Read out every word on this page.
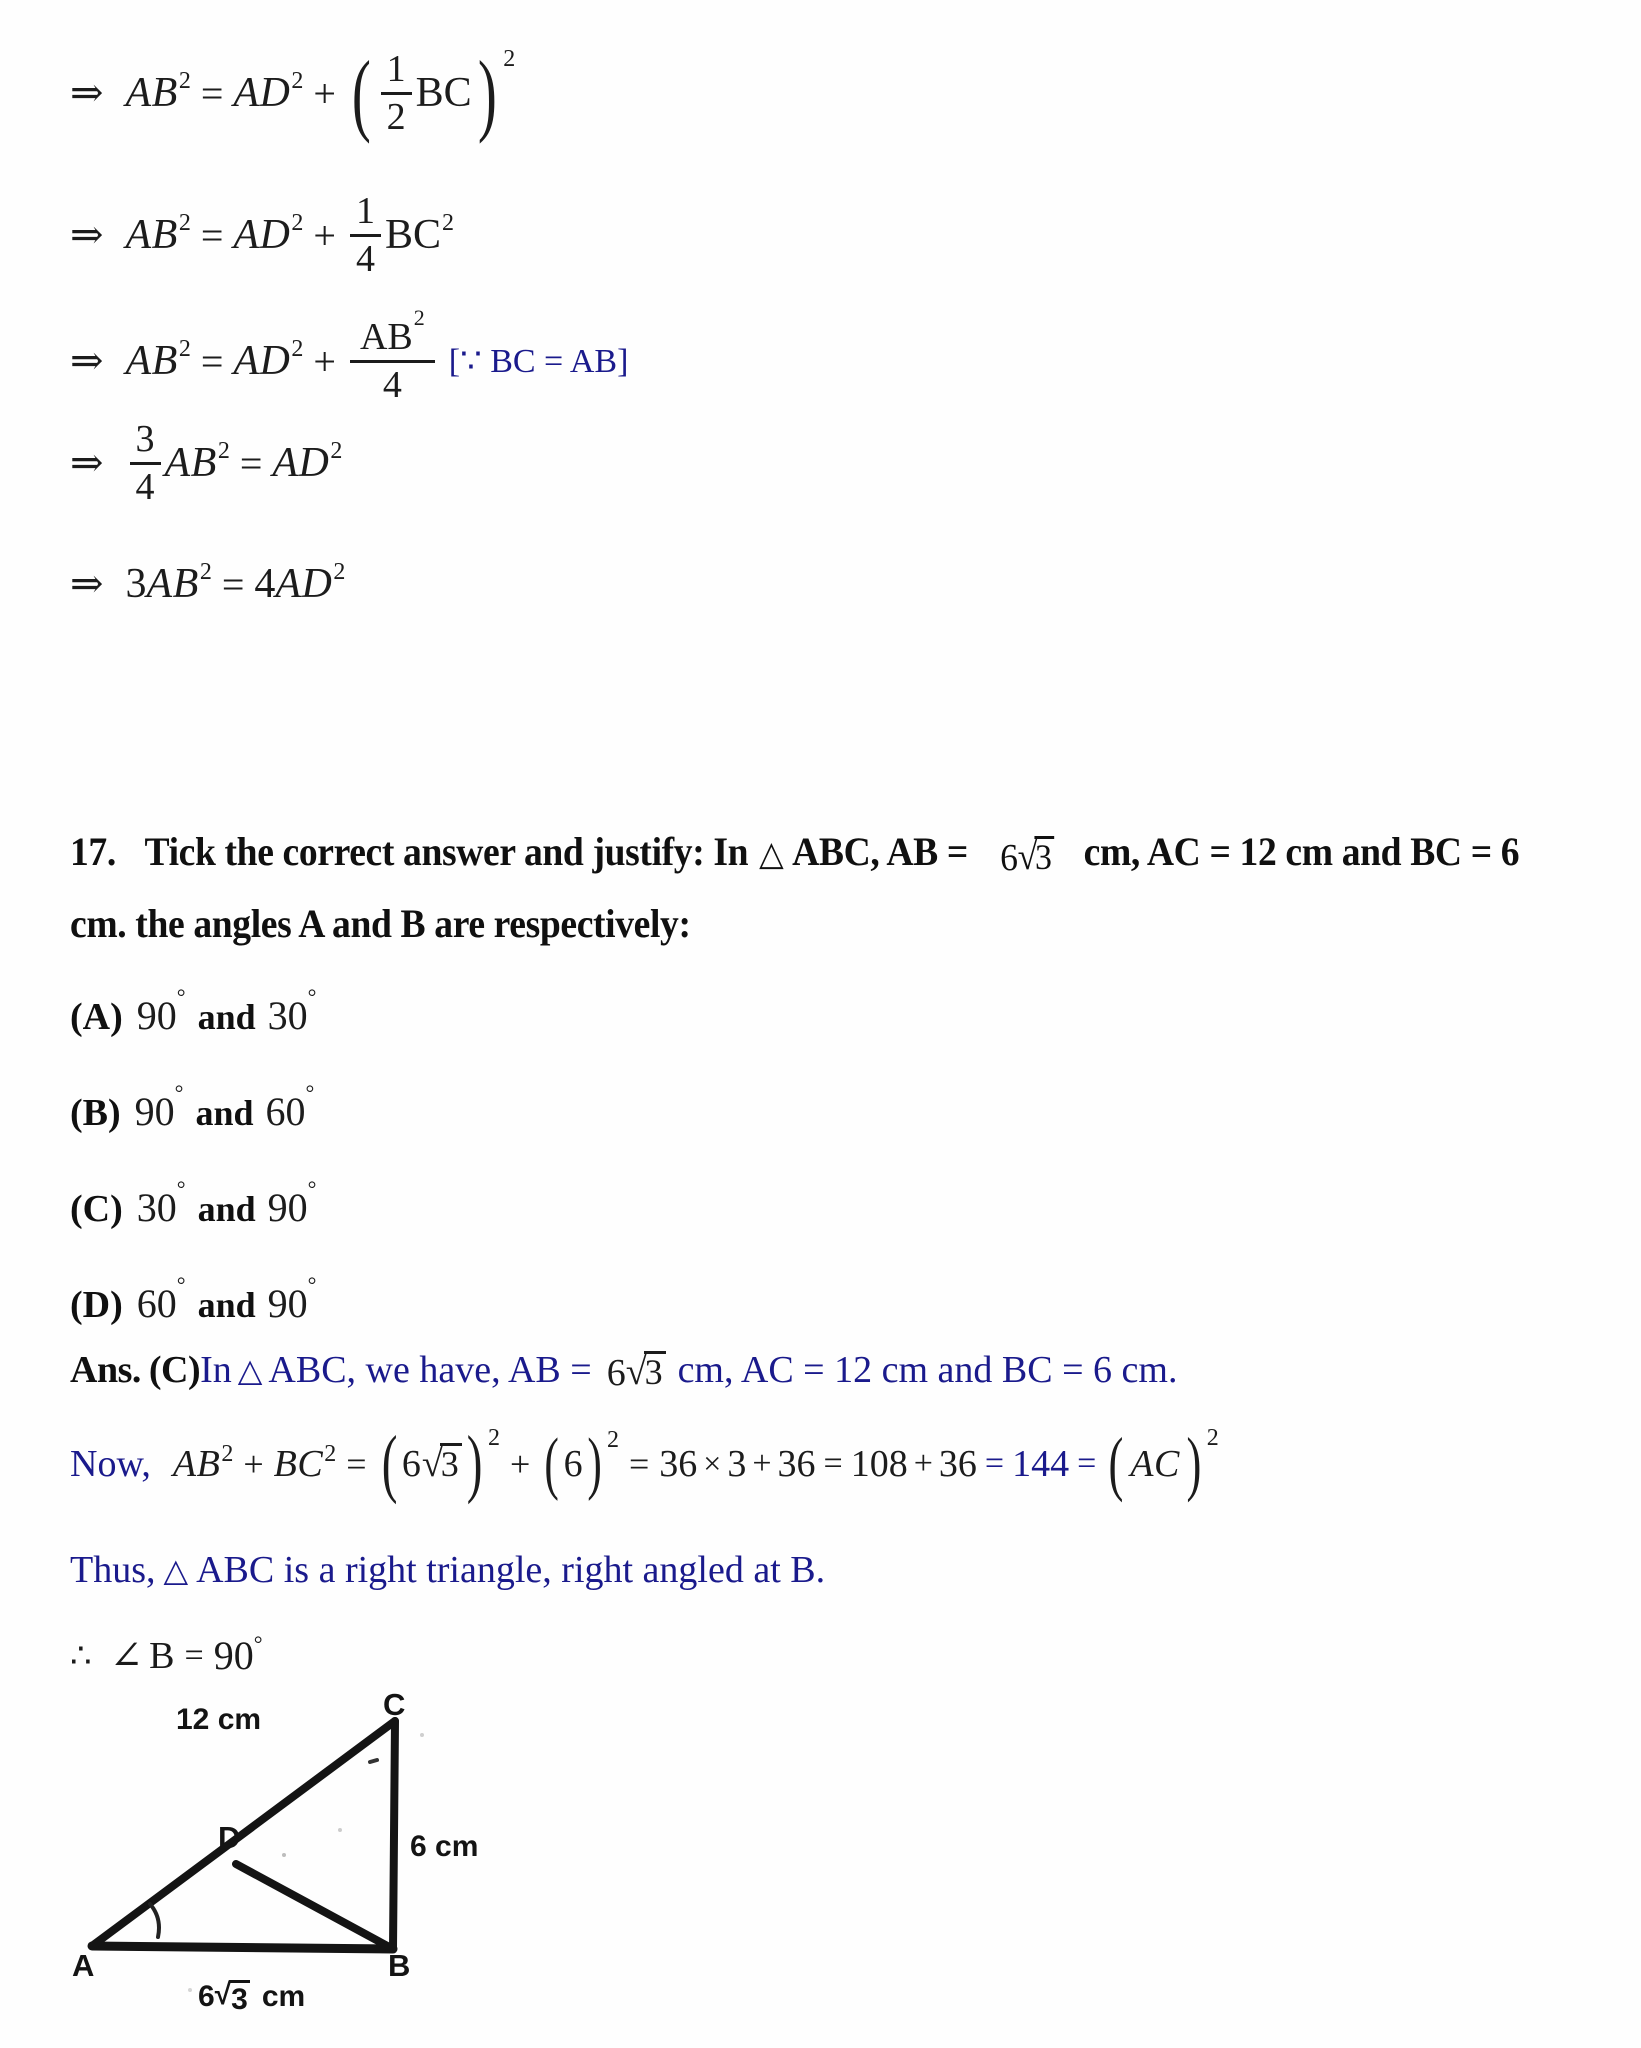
⇒ AB 2 = AD 2 + ( $\frac{1}{2}$ BC ) 2
⇒ AB 2 = AD $2 + \frac{1}{4}$ BC 2
⇒ AB 2 = AD $2 + \frac{AB^2}{4}$ [∵ BC = AB]
⇒ $\frac{3}{4}$ AB 2 = AD 2
⇒ 3 AB 2 = 4 AD 2
17. Tick the correct answer and justify: In △ ABC, AB = 6 √
3 cm, AC = 12 cm and BC = 6
cm. the angles A and B are respectively:
(A) 90°
and 30°
(B) 90°
and 60°
(C) 30°
and 90°
(D) 60°
and 90°
Ans. (C) In △ ABC, we have, AB = 6 √
3 cm, AC = 12 cm and BC = 6 cm.
Now, AB 2 + BC 2 = ( 6 √
3 ) 2
+ ( 6 ) 2
= 36 × 3 + 36 = 108 + 36 = 144 = ( AC ) 2
Thus, △ ABC is a right triangle, right angled at B.
∴ ∠ B = 90 °
A	B
C
D
12 cm
6 cm
6 √ 3 cm
